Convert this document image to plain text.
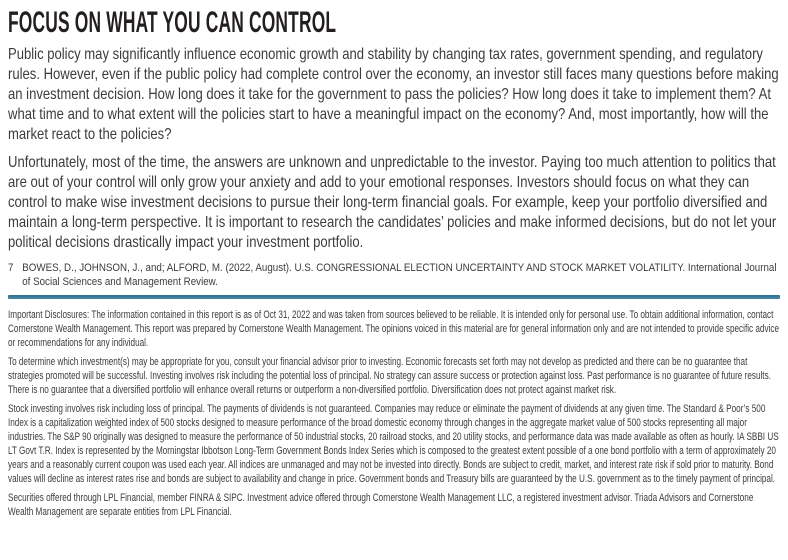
FOCUS ON WHAT YOU CAN CONTROL

Public policy may significantly influence economic growth and stability by changing tax rates, government spending, and regulatory rules. However, even if the public policy had complete control over the economy, an investor still faces many questions before making an investment decision. How long does it take for the government to pass the policies? How long does it take to implement them? At what time and to what extent will the policies start to have a meaningful impact on the economy? And, most importantly, how will the market react to the policies?

Unfortunately, most of the time, the answers are unknown and unpredictable to the investor. Paying too much attention to politics that are out of your control will only grow your anxiety and add to your emotional responses. Investors should focus on what they can control to make wise investment decisions to pursue their long-term financial goals. For example, keep your portfolio diversified and maintain a long-term perspective. It is important to research the candidates’ policies and make informed decisions, but do not let your political decisions drastically impact your investment portfolio.

7 BOWES, D., JOHNSON, J., and; ALFORD, M. (2022, August). U.S. CONGRESSIONAL ELECTION UNCERTAINTY AND STOCK MARKET VOLATILITY. International Journal of Social Sciences and Management Review.

Important Disclosures: The information contained in this report is as of Oct 31, 2022 and was taken from sources believed to be reliable. It is intended only for personal use. To obtain additional information, contact Cornerstone Wealth Management. This report was prepared by Cornerstone Wealth Management. The opinions voiced in this material are for general information only and are not intended to provide specific advice or recommendations for any individual.

To determine which investment(s) may be appropriate for you, consult your financial advisor prior to investing. Economic forecasts set forth may not develop as predicted and there can be no guarantee that strategies promoted will be successful. Investing involves risk including the potential loss of principal. No strategy can assure success or protection against loss. Past performance is no guarantee of future results. There is no guarantee that a diversified portfolio will enhance overall returns or outperform a non-diversified portfolio. Diversification does not protect against market risk.

Stock investing involves risk including loss of principal. The payments of dividends is not guaranteed. Companies may reduce or eliminate the payment of dividends at any given time. The Standard & Poor’s 500 Index is a capitalization weighted index of 500 stocks designed to measure performance of the broad domestic economy through changes in the aggregate market value of 500 stocks representing all major industries. The S&P 90 originally was designed to measure the performance of 50 industrial stocks, 20 railroad stocks, and 20 utility stocks, and performance data was made available as often as hourly. IA SBBI US LT Govt T.R. Index is represented by the Morningstar Ibbotson Long-Term Government Bonds Index Series which is composed to the greatest extent possible of a one bond portfolio with a term of approximately 20 years and a reasonably current coupon was used each year. All indices are unmanaged and may not be invested into directly. Bonds are subject to credit, market, and interest rate risk if sold prior to maturity. Bond values will decline as interest rates rise and bonds are subject to availability and change in price. Government bonds and Treasury bills are guaranteed by the U.S. government as to the timely payment of principal.

Securities offered through LPL Financial, member FINRA & SIPC. Investment advice offered through Cornerstone Wealth Management LLC, a registered investment advisor. Triada Advisors and Cornerstone Wealth Management are separate entities from LPL Financial.
